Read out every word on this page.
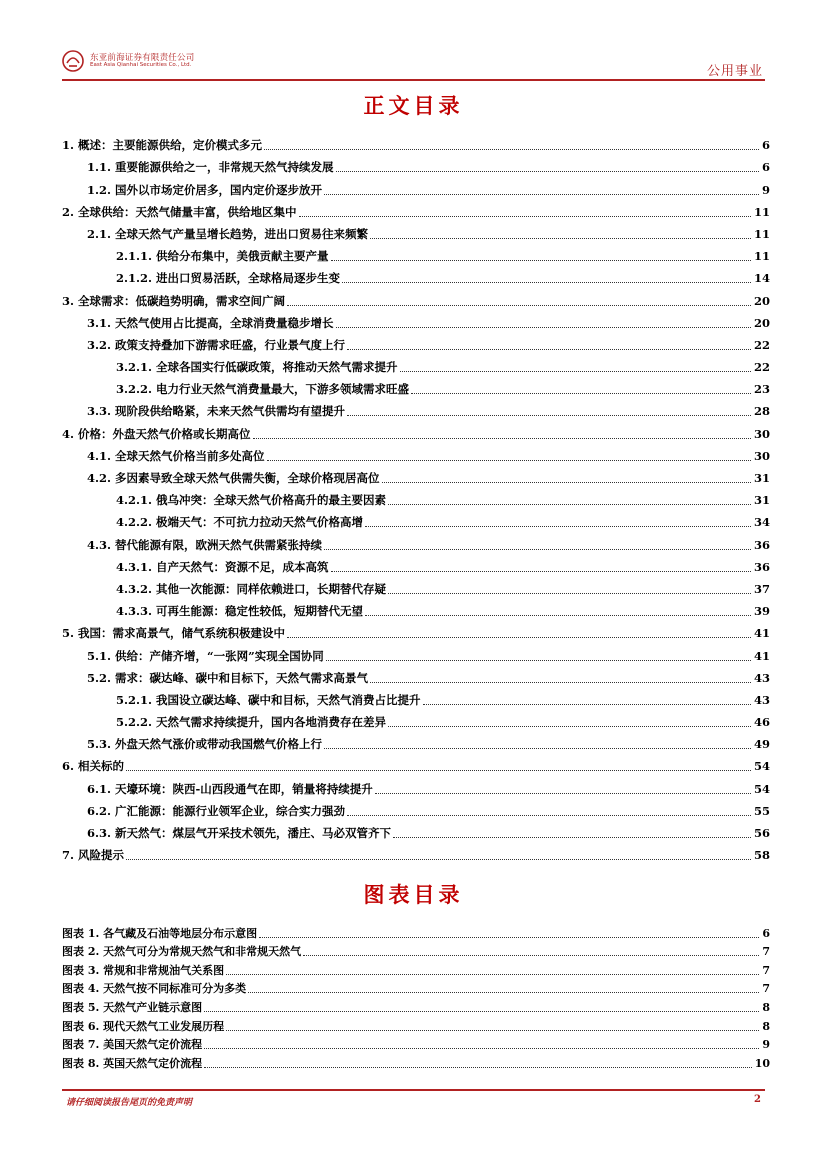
东亚前海证券有限责任公司
East Asia Qianhai Securities Co., Ltd.	公用事业
正文目录
1. 概述：主要能源供给，定价模式多元	6
1.1. 重要能源供给之一，非常规天然气持续发展	6
1.2. 国外以市场定价居多，国内定价逐步放开	9
2. 全球供给：天然气储量丰富，供给地区集中	11
2.1. 全球天然气产量呈增长趋势，进出口贸易往来频繁	11
2.1.1. 供给分布集中，美俄贡献主要产量	11
2.1.2. 进出口贸易活跃，全球格局逐步生变	14
3. 全球需求：低碳趋势明确，需求空间广阔	20
3.1. 天然气使用占比提高，全球消费量稳步增长	20
3.2. 政策支持叠加下游需求旺盛，行业景气度上行	22
3.2.1. 全球各国实行低碳政策，将推动天然气需求提升	22
3.2.2. 电力行业天然气消费量最大，下游多领域需求旺盛	23
3.3. 现阶段供给略紧，未来天然气供需均有望提升	28
4. 价格：外盘天然气价格或长期高位	30
4.1. 全球天然气价格当前多处高位	30
4.2. 多因素导致全球天然气供需失衡，全球价格现居高位	31
4.2.1. 俄乌冲突：全球天然气价格高升的最主要因素	31
4.2.2. 极端天气：不可抗力拉动天然气价格高增	34
4.3. 替代能源有限，欧洲天然气供需紧张持续	36
4.3.1. 自产天然气：资源不足，成本高筑	36
4.3.2. 其他一次能源：同样依赖进口，长期替代存疑	37
4.3.3. 可再生能源：稳定性较低，短期替代无望	39
5. 我国：需求高景气，储气系统积极建设中	41
5.1. 供给：产储齐增，“一张网”实现全国协同	41
5.2. 需求：碳达峰、碳中和目标下，天然气需求高景气	43
5.2.1. 我国设立碳达峰、碳中和目标，天然气消费占比提升	43
5.2.2. 天然气需求持续提升，国内各地消费存在差异	46
5.3. 外盘天然气涨价或带动我国燃气价格上行	49
6. 相关标的	54
6.1. 天壕环境：陕西-山西段通气在即，销量将持续提升	54
6.2. 广汇能源：能源行业领军企业，综合实力强劲	55
6.3. 新天然气：煤层气开采技术领先，潘庄、马必双管齐下	56
7. 风险提示	58
图表目录
图表 1. 各气藏及石油等地层分布示意图	6
图表 2. 天然气可分为常规天然气和非常规天然气	7
图表 3. 常规和非常规油气关系图	7
图表 4. 天然气按不同标准可分为多类	7
图表 5. 天然气产业链示意图	8
图表 6. 现代天然气工业发展历程	8
图表 7. 美国天然气定价流程	9
图表 8. 英国天然气定价流程	10
请仔细阅读报告尾页的免责声明	2
